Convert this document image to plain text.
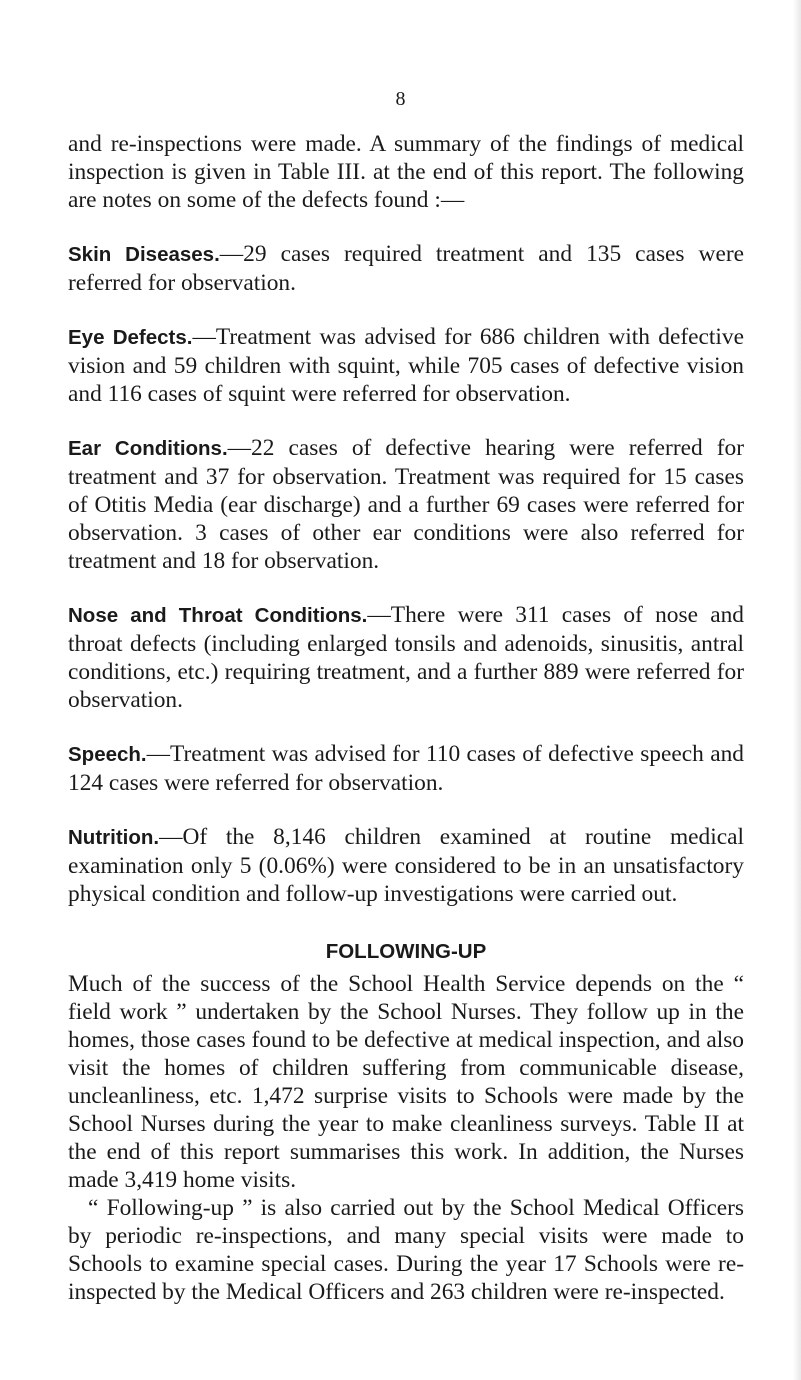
8

and re-inspections were made. A summary of the findings of medical inspection is given in Table III. at the end of this report. The following are notes on some of the defects found :—

Skin Diseases.—29 cases required treatment and 135 cases were referred for observation.

Eye Defects.—Treatment was advised for 686 children with defective vision and 59 children with squint, while 705 cases of defective vision and 116 cases of squint were referred for observation.

Ear Conditions.—22 cases of defective hearing were referred for treatment and 37 for observation. Treatment was required for 15 cases of Otitis Media (ear discharge) and a further 69 cases were referred for observation. 3 cases of other ear conditions were also referred for treatment and 18 for observation.

Nose and Throat Conditions.—There were 311 cases of nose and throat defects (including enlarged tonsils and adenoids, sinusitis, antral conditions, etc.) requiring treatment, and a further 889 were referred for observation.

Speech.—Treatment was advised for 110 cases of defective speech and 124 cases were referred for observation.

Nutrition.—Of the 8,146 children examined at routine medical examination only 5 (0.06%) were considered to be in an unsatisfactory physical condition and follow-up investigations were carried out.

FOLLOWING-UP

Much of the success of the School Health Service depends on the “ field work ” undertaken by the School Nurses. They follow up in the homes, those cases found to be defective at medical inspection, and also visit the homes of children suffering from communicable disease, uncleanliness, etc. 1,472 surprise visits to Schools were made by the School Nurses during the year to make cleanliness surveys. Table II at the end of this report summarises this work. In addition, the Nurses made 3,419 home visits.

“ Following-up ” is also carried out by the School Medical Officers by periodic re-inspections, and many special visits were made to Schools to examine special cases. During the year 17 Schools were re-inspected by the Medical Officers and 263 children were re-inspected.
